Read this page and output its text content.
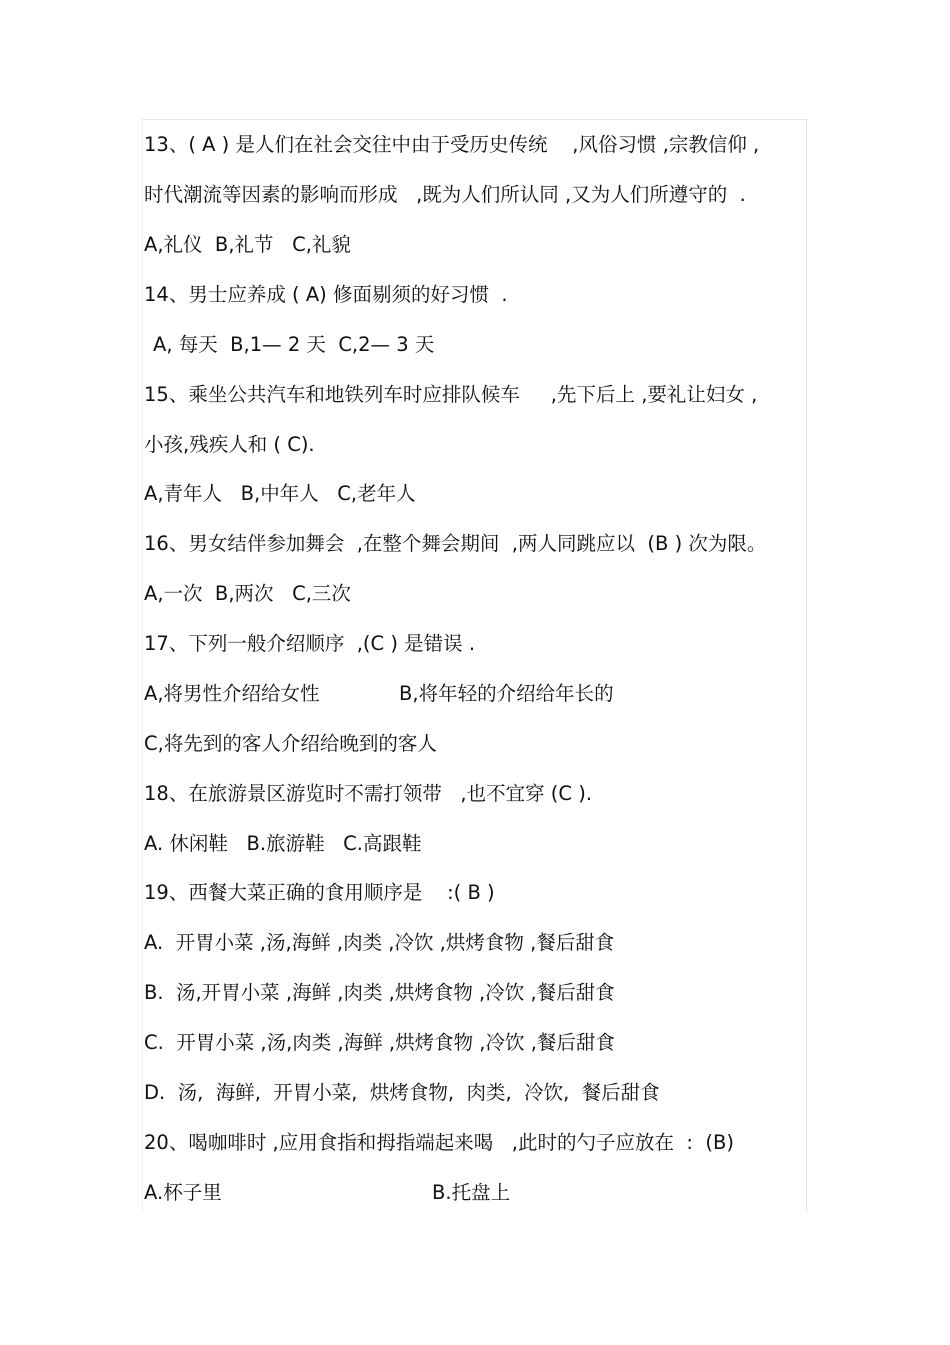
13、( A ) 是人们在社会交往中由于受历史传统    ,风俗习惯 ,宗教信仰 ,
时代潮流等因素的影响而形成   ,既为人们所认同 ,又为人们所遵守的  .
A,礼仪  B,礼节   C,礼貌
14、男士应养成 ( A) 修面剔须的好习惯  .
A, 每天  B,1— 2 天  C,2— 3 天
15、乘坐公共汽车和地铁列车时应排队候车     ,先下后上 ,要礼让妇女 ,
小孩,残疾人和 ( C).
A,青年人   B,中年人   C,老年人
16、男女结伴参加舞会  ,在整个舞会期间  ,两人同跳应以  (B ) 次为限。
A,一次  B,两次   C,三次
17、下列一般介绍顺序  ,(C ) 是错误 .
A,将男性介绍给女性	B,将年轻的介绍给年长的
C,将先到的客人介绍给晚到的客人
18、在旅游景区游览时不需打领带   ,也不宜穿 (C ).
A. 休闲鞋   B.旅游鞋   C.高跟鞋
19、西餐大菜正确的食用顺序是    :( B )
A.  开胃小菜 ,汤,海鲜 ,肉类 ,冷饮 ,烘烤食物 ,餐后甜食
B.  汤,开胃小菜 ,海鲜 ,肉类 ,烘烤食物 ,冷饮 ,餐后甜食
C.  开胃小菜 ,汤,肉类 ,海鲜 ,烘烤食物 ,冷饮 ,餐后甜食
D.  汤,  海鲜,  开胃小菜,  烘烤食物,  肉类,  冷饮,  餐后甜食
20、喝咖啡时 ,应用食指和拇指端起来喝   ,此时的勺子应放在  :  (B)
A.杯子里	B.托盘上
